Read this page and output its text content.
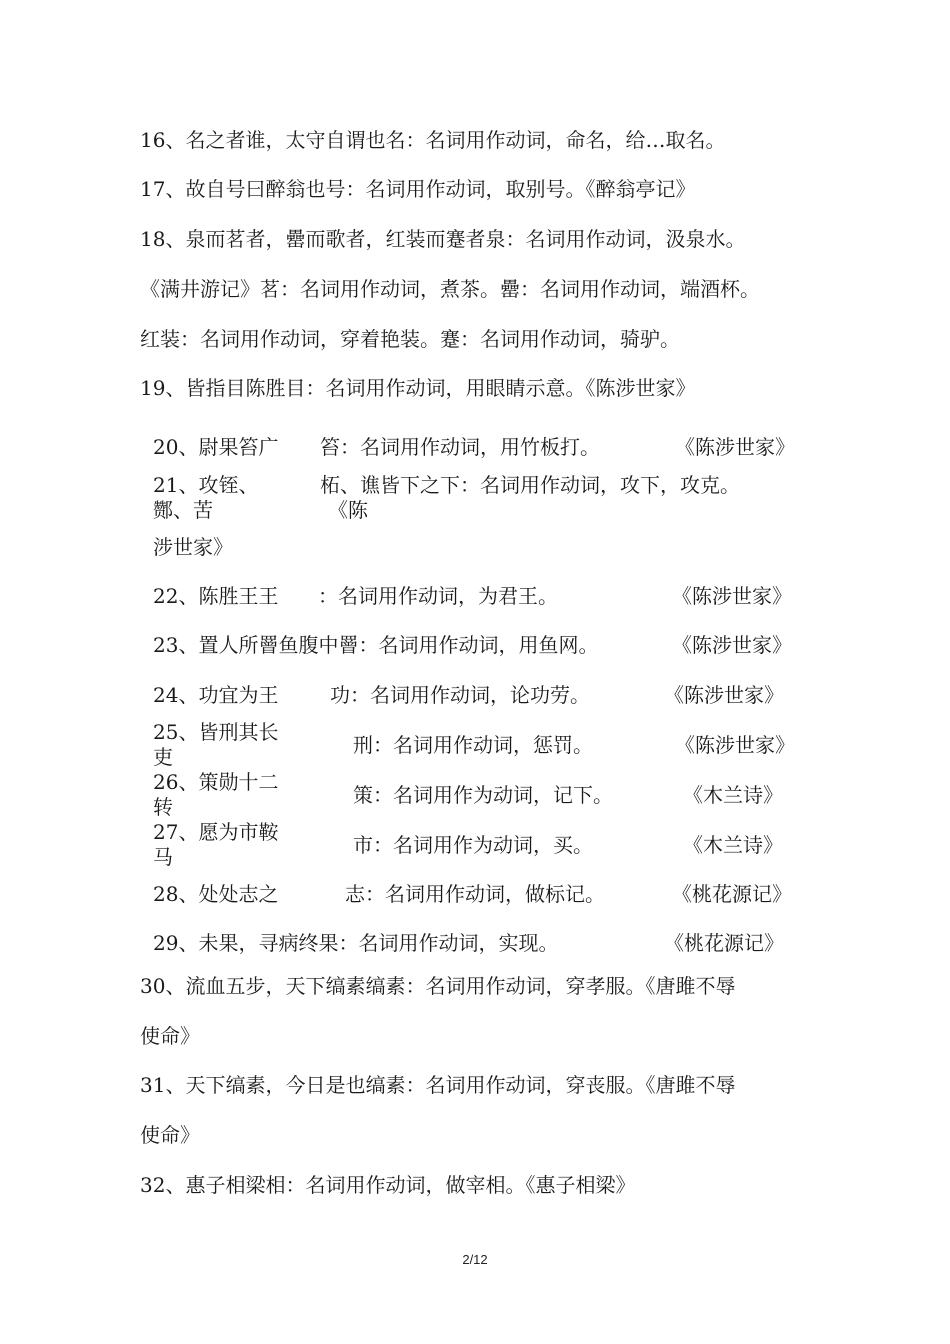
16、名之者谁，太守自谓也名：名词用作动词，命名，给…取名。
17、故自号曰醉翁也号：名词用作动词，取别号。《醉翁亭记》
18、泉而茗者，罍而歌者，红装而蹇者泉：名词用作动词，汲泉水。
《满井游记》茗：名词用作动词，煮茶。罍：名词用作动词，端酒杯。
红装：名词用作动词，穿着艳装。蹇：名词用作动词，骑驴。
19、皆指目陈胜目：名词用作动词，用眼睛示意。《陈涉世家》
20、尉果笞广 笞：名词用作动词，用竹板打。	《陈涉世家》
21、攻铚、	柘、谯皆下之下：名词用作动词，攻下，攻克。
酂、苦	《陈
涉世家》
22、陈胜王王 ：名词用作动词，为君王。	《陈涉世家》
23、置人所罾鱼腹中罾：名词用作动词，用鱼网。	《陈涉世家》
24、功宜为王	功：名词用作动词，论功劳。	《陈涉世家》
25、皆刑其长
吏	刑：名词用作动词，惩罚。	《陈涉世家》
26、策勋十二
转	策：名词用作为动词，记下。	《木兰诗》
27、愿为市鞍
马	市：名词用作为动词，买。	《木兰诗》
28、处处志之	志：名词用作动词，做标记。	《桃花源记》
29、未果，寻病终果：名词用作动词，实现。	《桃花源记》
30、流血五步，天下缟素缟素：名词用作动词，穿孝服。《唐雎不辱
使命》
31、天下缟素，今日是也缟素：名词用作动词，穿丧服。《唐雎不辱
使命》
32、惠子相梁相：名词用作动词，做宰相。《惠子相梁》
2/12
